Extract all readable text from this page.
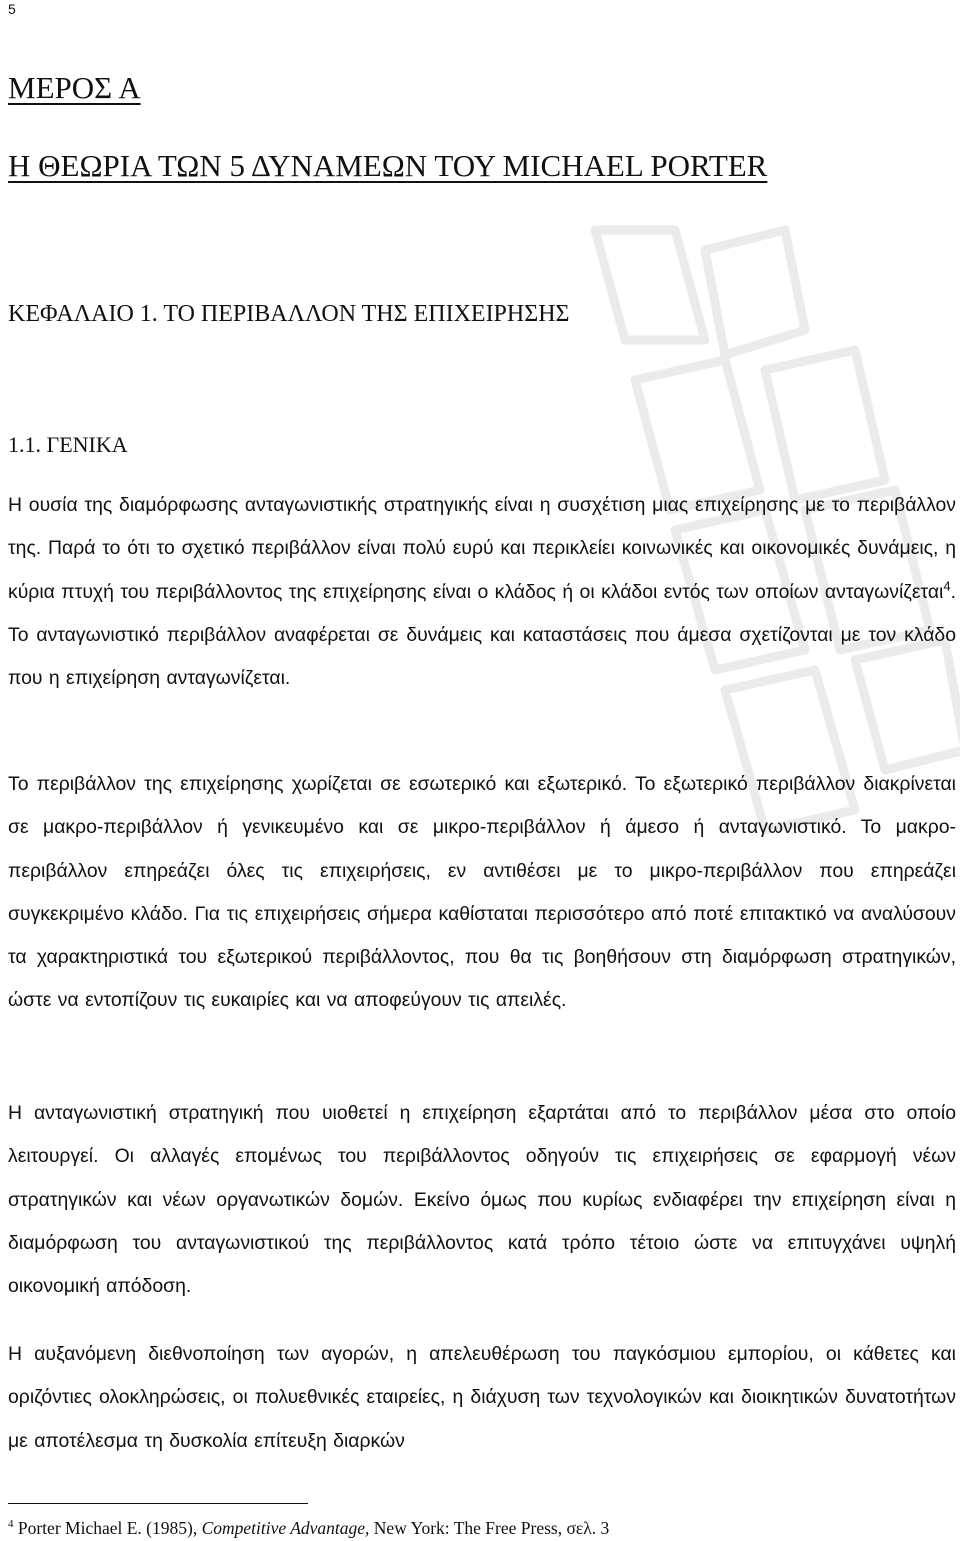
5
ΜΕΡΟΣ Α
Η ΘΕΩΡΙΑ ΤΩΝ 5 ΔΥΝΑΜΕΩΝ ΤΟΥ MICHAEL PORTER
ΚΕΦΑΛΑΙΟ 1. ΤΟ ΠΕΡΙΒΑΛΛΟΝ ΤΗΣ ΕΠΙΧΕΙΡΗΣΗΣ
1.1. ΓΕΝΙΚΑ

Η ουσία της διαμόρφωσης ανταγωνιστικής στρατηγικής είναι η συσχέτιση μιας επιχείρησης με το περιβάλλον της. Παρά το ότι το σχετικό περιβάλλον είναι πολύ ευρύ και περικλείει κοινωνικές και οικονομικές δυνάμεις, η κύρια πτυχή του περιβάλλοντος της επιχείρησης είναι ο κλάδος ή οι κλάδοι εντός των οποίων ανταγωνίζεται$^4$. Το ανταγωνιστικό περιβάλλον αναφέρεται σε δυνάμεις και καταστάσεις που άμεσα σχετίζονται με τον κλάδο που η επιχείρηση ανταγωνίζεται.

Το περιβάλλον της επιχείρησης χωρίζεται σε εσωτερικό και εξωτερικό. Το εξωτερικό περιβάλλον διακρίνεται σε μακρο-περιβάλλον ή γενικευμένο και σε μικρο-περιβάλλον ή άμεσο ή ανταγωνιστικό. Το μακρο-περιβάλλον επηρεάζει όλες τις επιχειρήσεις, εν αντιθέσει με το μικρο-περιβάλλον που επηρεάζει συγκεκριμένο κλάδο. Για τις επιχειρήσεις σήμερα καθίσταται περισσότερο από ποτέ επιτακτικό να αναλύσουν τα χαρακτηριστικά του εξωτερικού περιβάλλοντος, που θα τις βοηθήσουν στη διαμόρφωση στρατηγικών, ώστε να εντοπίζουν τις ευκαιρίες και να αποφεύγουν τις απειλές.

Η ανταγωνιστική στρατηγική που υιοθετεί η επιχείρηση εξαρτάται από το περιβάλλον μέσα στο οποίο λειτουργεί. Οι αλλαγές επομένως του περιβάλλοντος οδηγούν τις επιχειρήσεις σε εφαρμογή νέων στρατηγικών και νέων οργανωτικών δομών. Εκείνο όμως που κυρίως ενδιαφέρει την επιχείρηση είναι η διαμόρφωση του ανταγωνιστικού της περιβάλλοντος κατά τρόπο τέτοιο ώστε να επιτυγχάνει υψηλή οικονομική απόδοση.

Η αυξανόμενη διεθνοποίηση των αγορών, η απελευθέρωση του παγκόσμιου εμπορίου, οι κάθετες και οριζόντιες ολοκληρώσεις, οι πολυεθνικές εταιρείες, η διάχυση των τεχνολογικών και διοικητικών δυνατοτήτων με αποτέλεσμα τη δυσκολία επίτευξη διαρκών

$^4$ Porter Michael E. (1985), Competitive Advantage, New York: The Free Press, σελ. 3
